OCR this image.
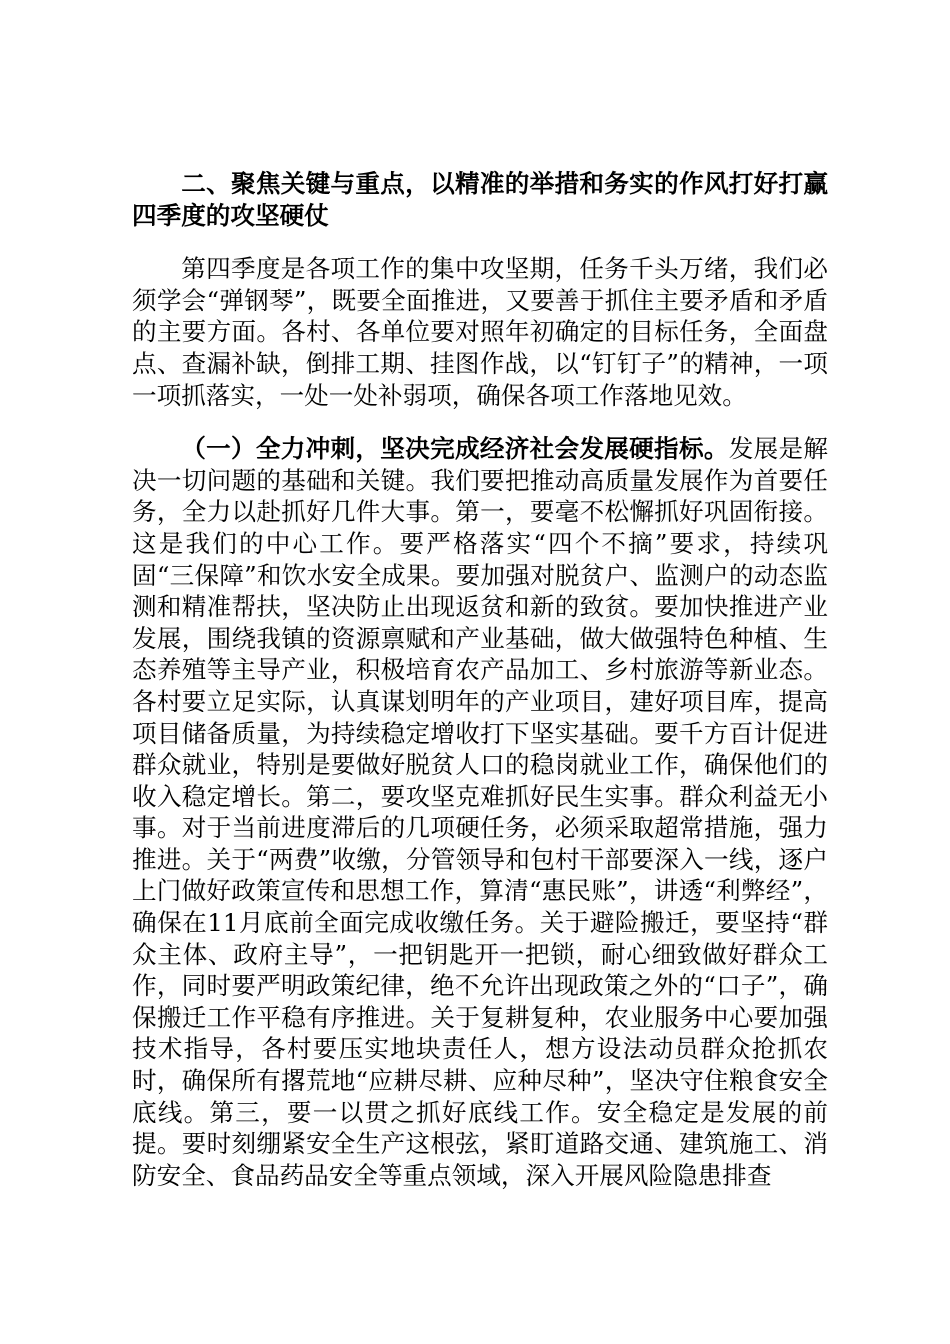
二、聚焦关键与重点，以精准的举措和务实的作风打好打赢四季度的攻坚硬仗

第四季度是各项工作的集中攻坚期，任务千头万绪，我们必须学会“弹钢琴”，既要全面推进，又要善于抓住主要矛盾和矛盾的主要方面。各村、各单位要对照年初确定的目标任务，全面盘点、查漏补缺，倒排工期、挂图作战，以“钉钉子”的精神，一项一项抓落实，一处一处补弱项，确保各项工作落地见效。

（一）全力冲刺，坚决完成经济社会发展硬指标。发展是解决一切问题的基础和关键。我们要把推动高质量发展作为首要任务，全力以赴抓好几件大事。第一，要毫不松懈抓好巩固衔接。这是我们的中心工作。要严格落实“四个不摘”要求，持续巩固“三保障”和饮水安全成果。要加强对脱贫户、监测户的动态监测和精准帮扶，坚决防止出现返贫和新的致贫。要加快推进产业发展，围绕我镇的资源禀赋和产业基础，做大做强特色种植、生态养殖等主导产业，积极培育农产品加工、乡村旅游等新业态。各村要立足实际，认真谋划明年的产业项目，建好项目库，提高项目储备质量，为持续稳定增收打下坚实基础。要千方百计促进群众就业，特别是要做好脱贫人口的稳岗就业工作，确保他们的收入稳定增长。第二，要攻坚克难抓好民生实事。群众利益无小事。对于当前进度滞后的几项硬任务，必须采取超常措施，强力推进。关于“两费”收缴，分管领导和包村干部要深入一线，逐户上门做好政策宣传和思想工作，算清“惠民账”，讲透“利弊经”，确保在11月底前全面完成收缴任务。关于避险搬迁，要坚持“群众主体、政府主导”，一把钥匙开一把锁，耐心细致做好群众工作，同时要严明政策纪律，绝不允许出现政策之外的“口子”，确保搬迁工作平稳有序推进。关于复耕复种，农业服务中心要加强技术指导，各村要压实地块责任人，想方设法动员群众抢抓农时，确保所有撂荒地“应耕尽耕、应种尽种”，坚决守住粮食安全底线。第三，要一以贯之抓好底线工作。安全稳定是发展的前提。要时刻绷紧安全生产这根弦，紧盯道路交通、建筑施工、消防安全、食品药品安全等重点领域，深入开展风险隐患排查
